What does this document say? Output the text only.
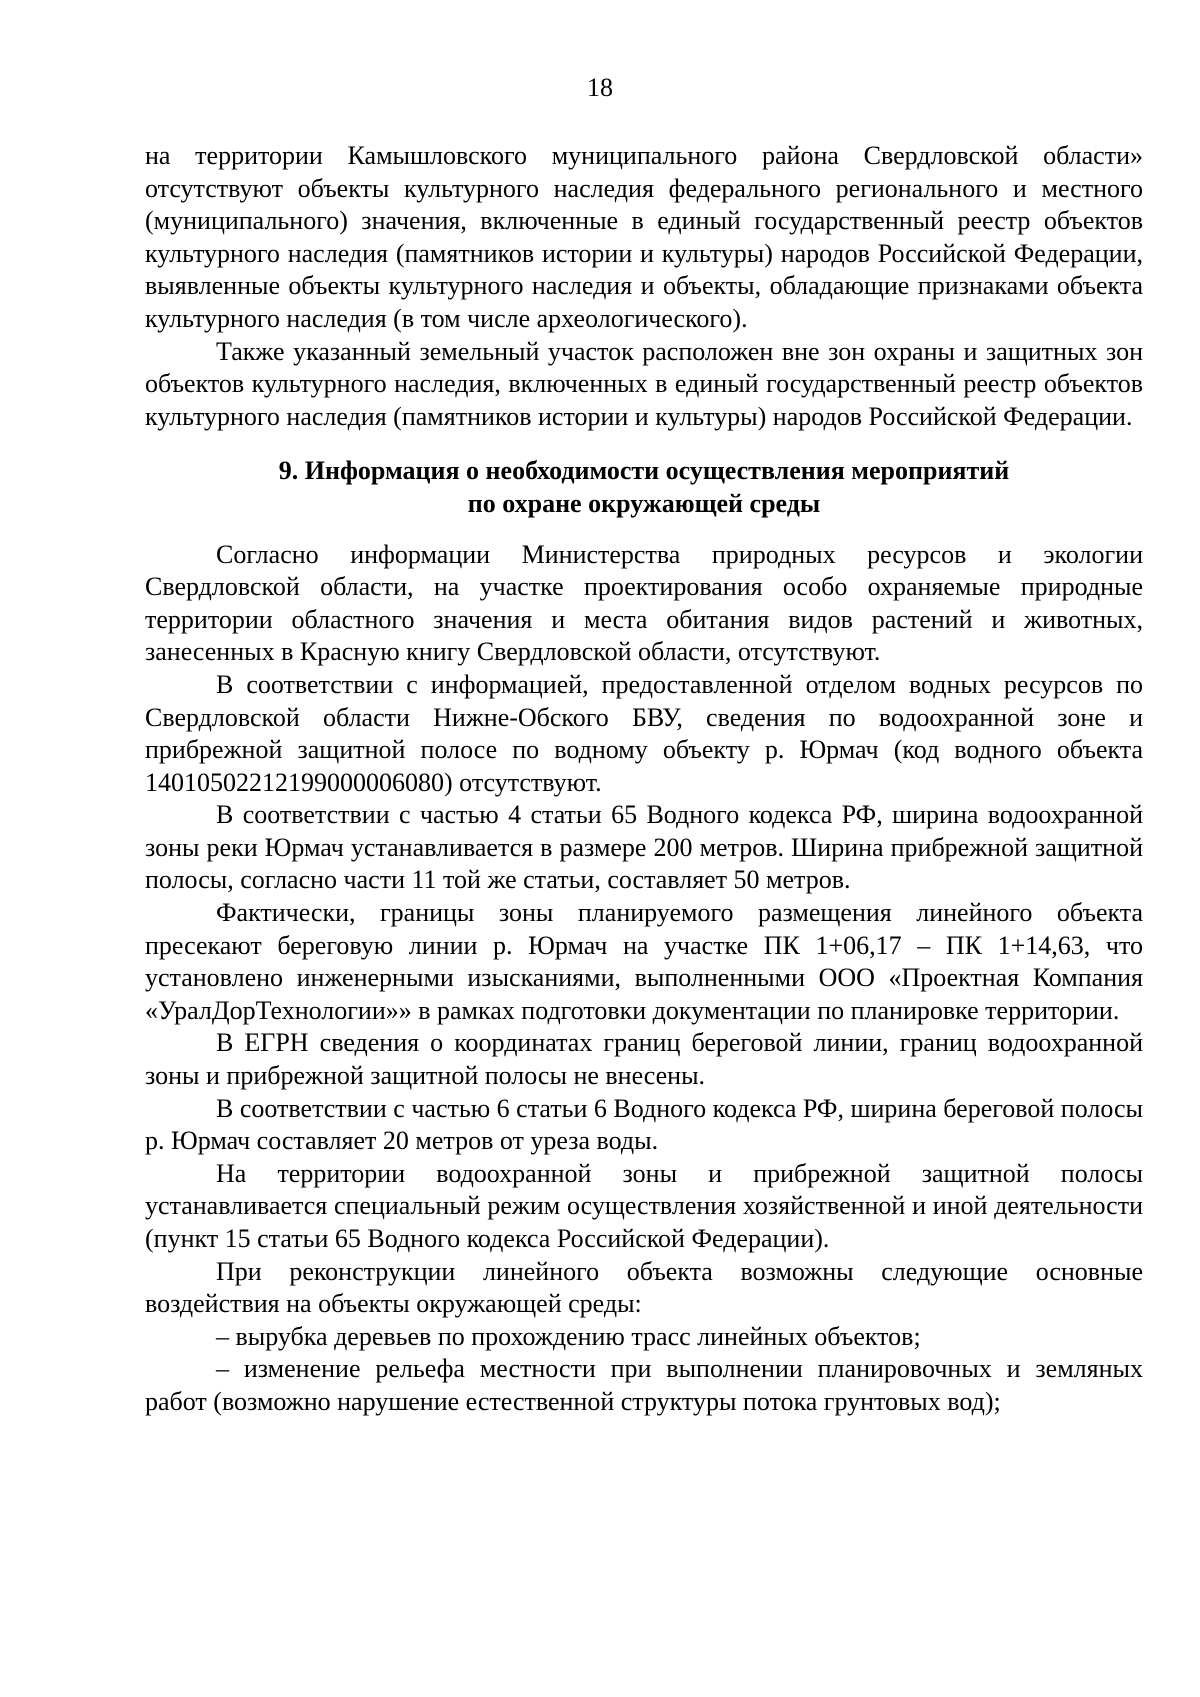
18

на территории Камышловского муниципального района Свердловской области» отсутствуют объекты культурного наследия федерального регионального и местного (муниципального) значения, включенные в единый государственный реестр объектов культурного наследия (памятников истории и культуры) народов Российской Федерации, выявленные объекты культурного наследия и объекты, обладающие признаками объекта культурного наследия (в том числе археологического).

Также указанный земельный участок расположен вне зон охраны и защитных зон объектов культурного наследия, включенных в единый государственный реестр объектов культурного наследия (памятников истории и культуры) народов Российской Федерации.

9. Информация о необходимости осуществления мероприятий
по охране окружающей среды

Согласно информации Министерства природных ресурсов и экологии Свердловской области, на участке проектирования особо охраняемые природные территории областного значения и места обитания видов растений и животных, занесенных в Красную книгу Свердловской области, отсутствуют.

В соответствии с информацией, предоставленной отделом водных ресурсов по Свердловской области Нижне-Обского БВУ, сведения по водоохранной зоне и прибрежной защитной полосе по водному объекту р. Юрмач (код водного объекта 14010502212199000006080) отсутствуют.

В соответствии с частью 4 статьи 65 Водного кодекса РФ, ширина водоохранной зоны реки Юрмач устанавливается в размере 200 метров. Ширина прибрежной защитной полосы, согласно части 11 той же статьи, составляет 50 метров.

Фактически, границы зоны планируемого размещения линейного объекта пресекают береговую линии р. Юрмач на участке ПК 1+06,17 – ПК 1+14,63, что установлено инженерными изысканиями, выполненными ООО «Проектная Компания «УралДорТехнологии»» в рамках подготовки документации по планировке территории.

В ЕГРН сведения о координатах границ береговой линии, границ водоохранной зоны и прибрежной защитной полосы не внесены.

В соответствии с частью 6 статьи 6 Водного кодекса РФ, ширина береговой полосы р. Юрмач составляет 20 метров от уреза воды.

На территории водоохранной зоны и прибрежной защитной полосы устанавливается специальный режим осуществления хозяйственной и иной деятельности (пункт 15 статьи 65 Водного кодекса Российской Федерации).

При реконструкции линейного объекта возможны следующие основные воздействия на объекты окружающей среды:

– вырубка деревьев по прохождению трасс линейных объектов;

– изменение рельефа местности при выполнении планировочных и земляных работ (возможно нарушение естественной структуры потока грунтовых вод);
